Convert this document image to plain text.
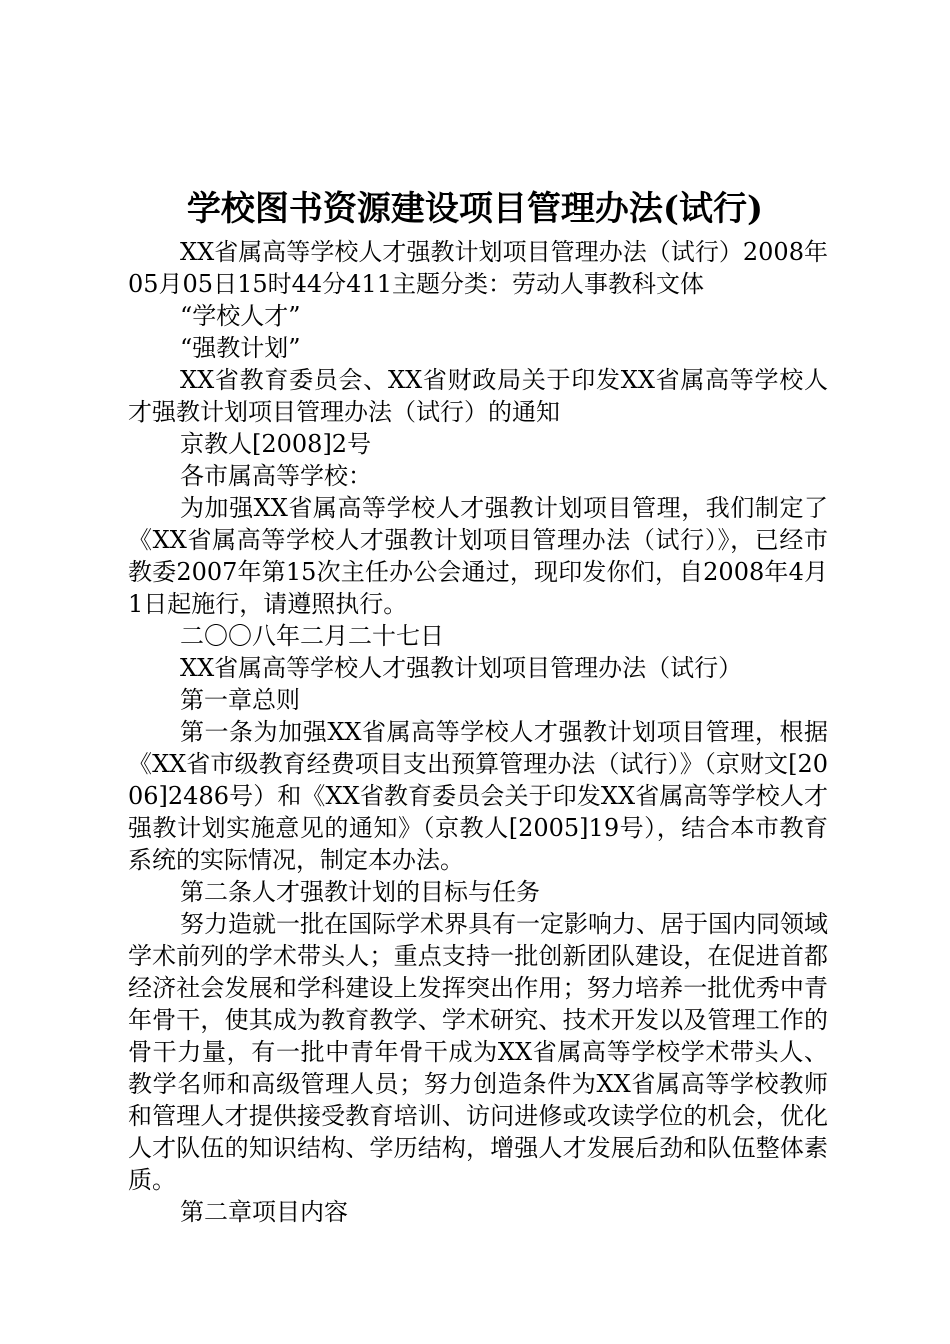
学校图书资源建设项目管理办法(试行)

XX省属高等学校人才强教计划项目管理办法（试行）2008年05月05日15时44分411主题分类：劳动人事教科文体

“学校人才”

“强教计划”

XX省教育委员会、XX省财政局关于印发XX省属高等学校人才强教计划项目管理办法（试行）的通知

京教人[2008]2号

各市属高等学校：

为加强XX省属高等学校人才强教计划项目管理，我们制定了《XX省属高等学校人才强教计划项目管理办法（试行）》，已经市教委2007年第15次主任办公会通过，现印发你们，自2008年4月1日起施行，请遵照执行。

二〇〇八年二月二十七日

XX省属高等学校人才强教计划项目管理办法（试行）

第一章总则

第一条为加强XX省属高等学校人才强教计划项目管理，根据《XX省市级教育经费项目支出预算管理办法（试行）》（京财文[2006]2486号）和《XX省教育委员会关于印发XX省属高等学校人才强教计划实施意见的通知》（京教人[2005]19号），结合本市教育系统的实际情况，制定本办法。

第二条人才强教计划的目标与任务

努力造就一批在国际学术界具有一定影响力、居于国内同领域学术前列的学术带头人；重点支持一批创新团队建设，在促进首都经济社会发展和学科建设上发挥突出作用；努力培养一批优秀中青年骨干，使其成为教育教学、学术研究、技术开发以及管理工作的骨干力量，有一批中青年骨干成为XX省属高等学校学术带头人、教学名师和高级管理人员；努力创造条件为XX省属高等学校教师和管理人才提供接受教育培训、访问进修或攻读学位的机会，优化人才队伍的知识结构、学历结构，增强人才发展后劲和队伍整体素质。

第二章项目内容
